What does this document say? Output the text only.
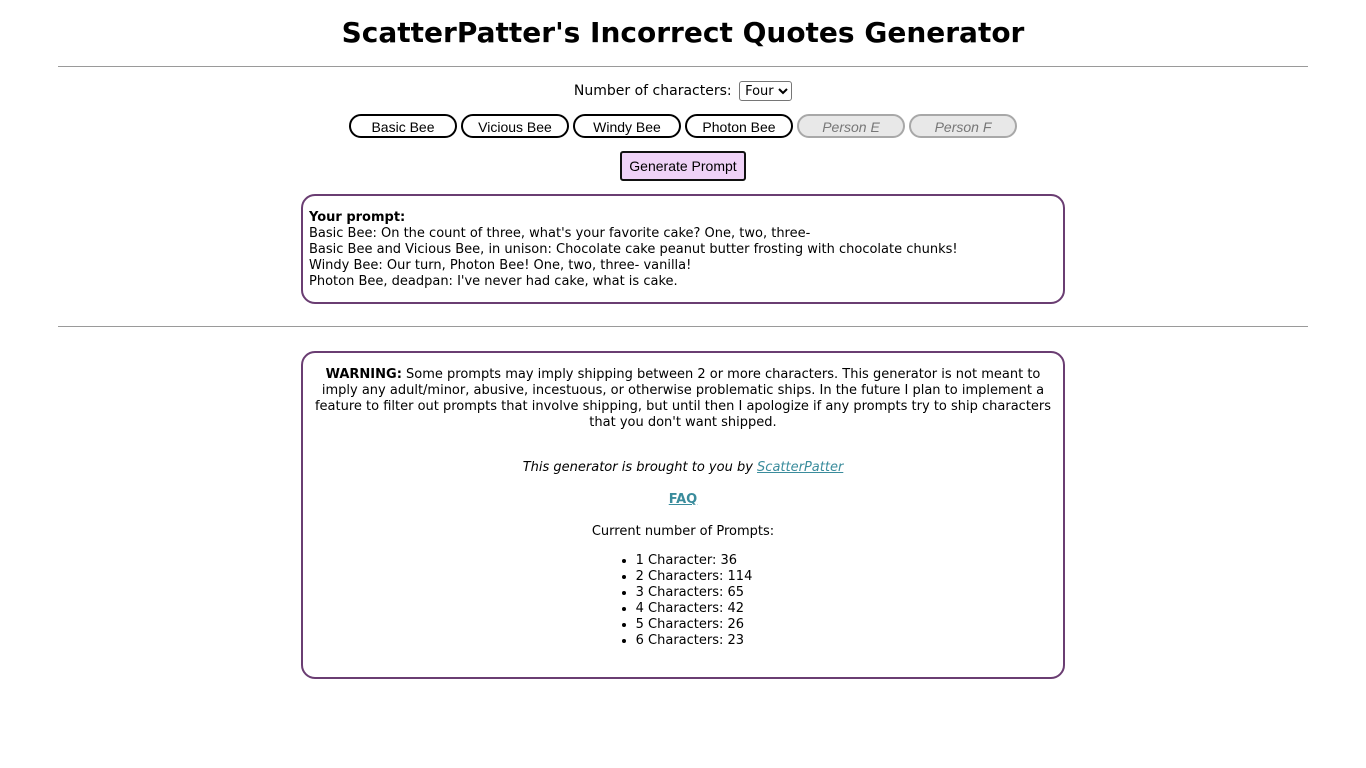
ScatterPatter's Incorrect Quotes Generator
Number of characters:
Four
Basic Bee	Vicious Bee	Windy Bee	Photon Bee	Person E	Person F
Generate Prompt
Your prompt:
Basic Bee: On the count of three, what's your favorite cake? One, two, three-
Basic Bee and Vicious Bee, in unison: Chocolate cake peanut butter frosting with chocolate chunks!
Windy Bee: Our turn, Photon Bee! One, two, three- vanilla!
Photon Bee, deadpan: I've never had cake, what is cake.

WARNING: Some prompts may imply shipping between 2 or more characters. This generator is not meant to imply any adult/minor, abusive, incestuous, or otherwise problematic ships. In the future I plan to implement a feature to filter out prompts that involve shipping, but until then I apologize if any prompts try to ship characters that you don't want shipped.

This generator is brought to you by ScatterPatter
FAQ
Current number of Prompts:
• 1 Character: 36
• 2 Characters: 114
• 3 Characters: 65
• 4 Characters: 42
• 5 Characters: 26
• 6 Characters: 23
